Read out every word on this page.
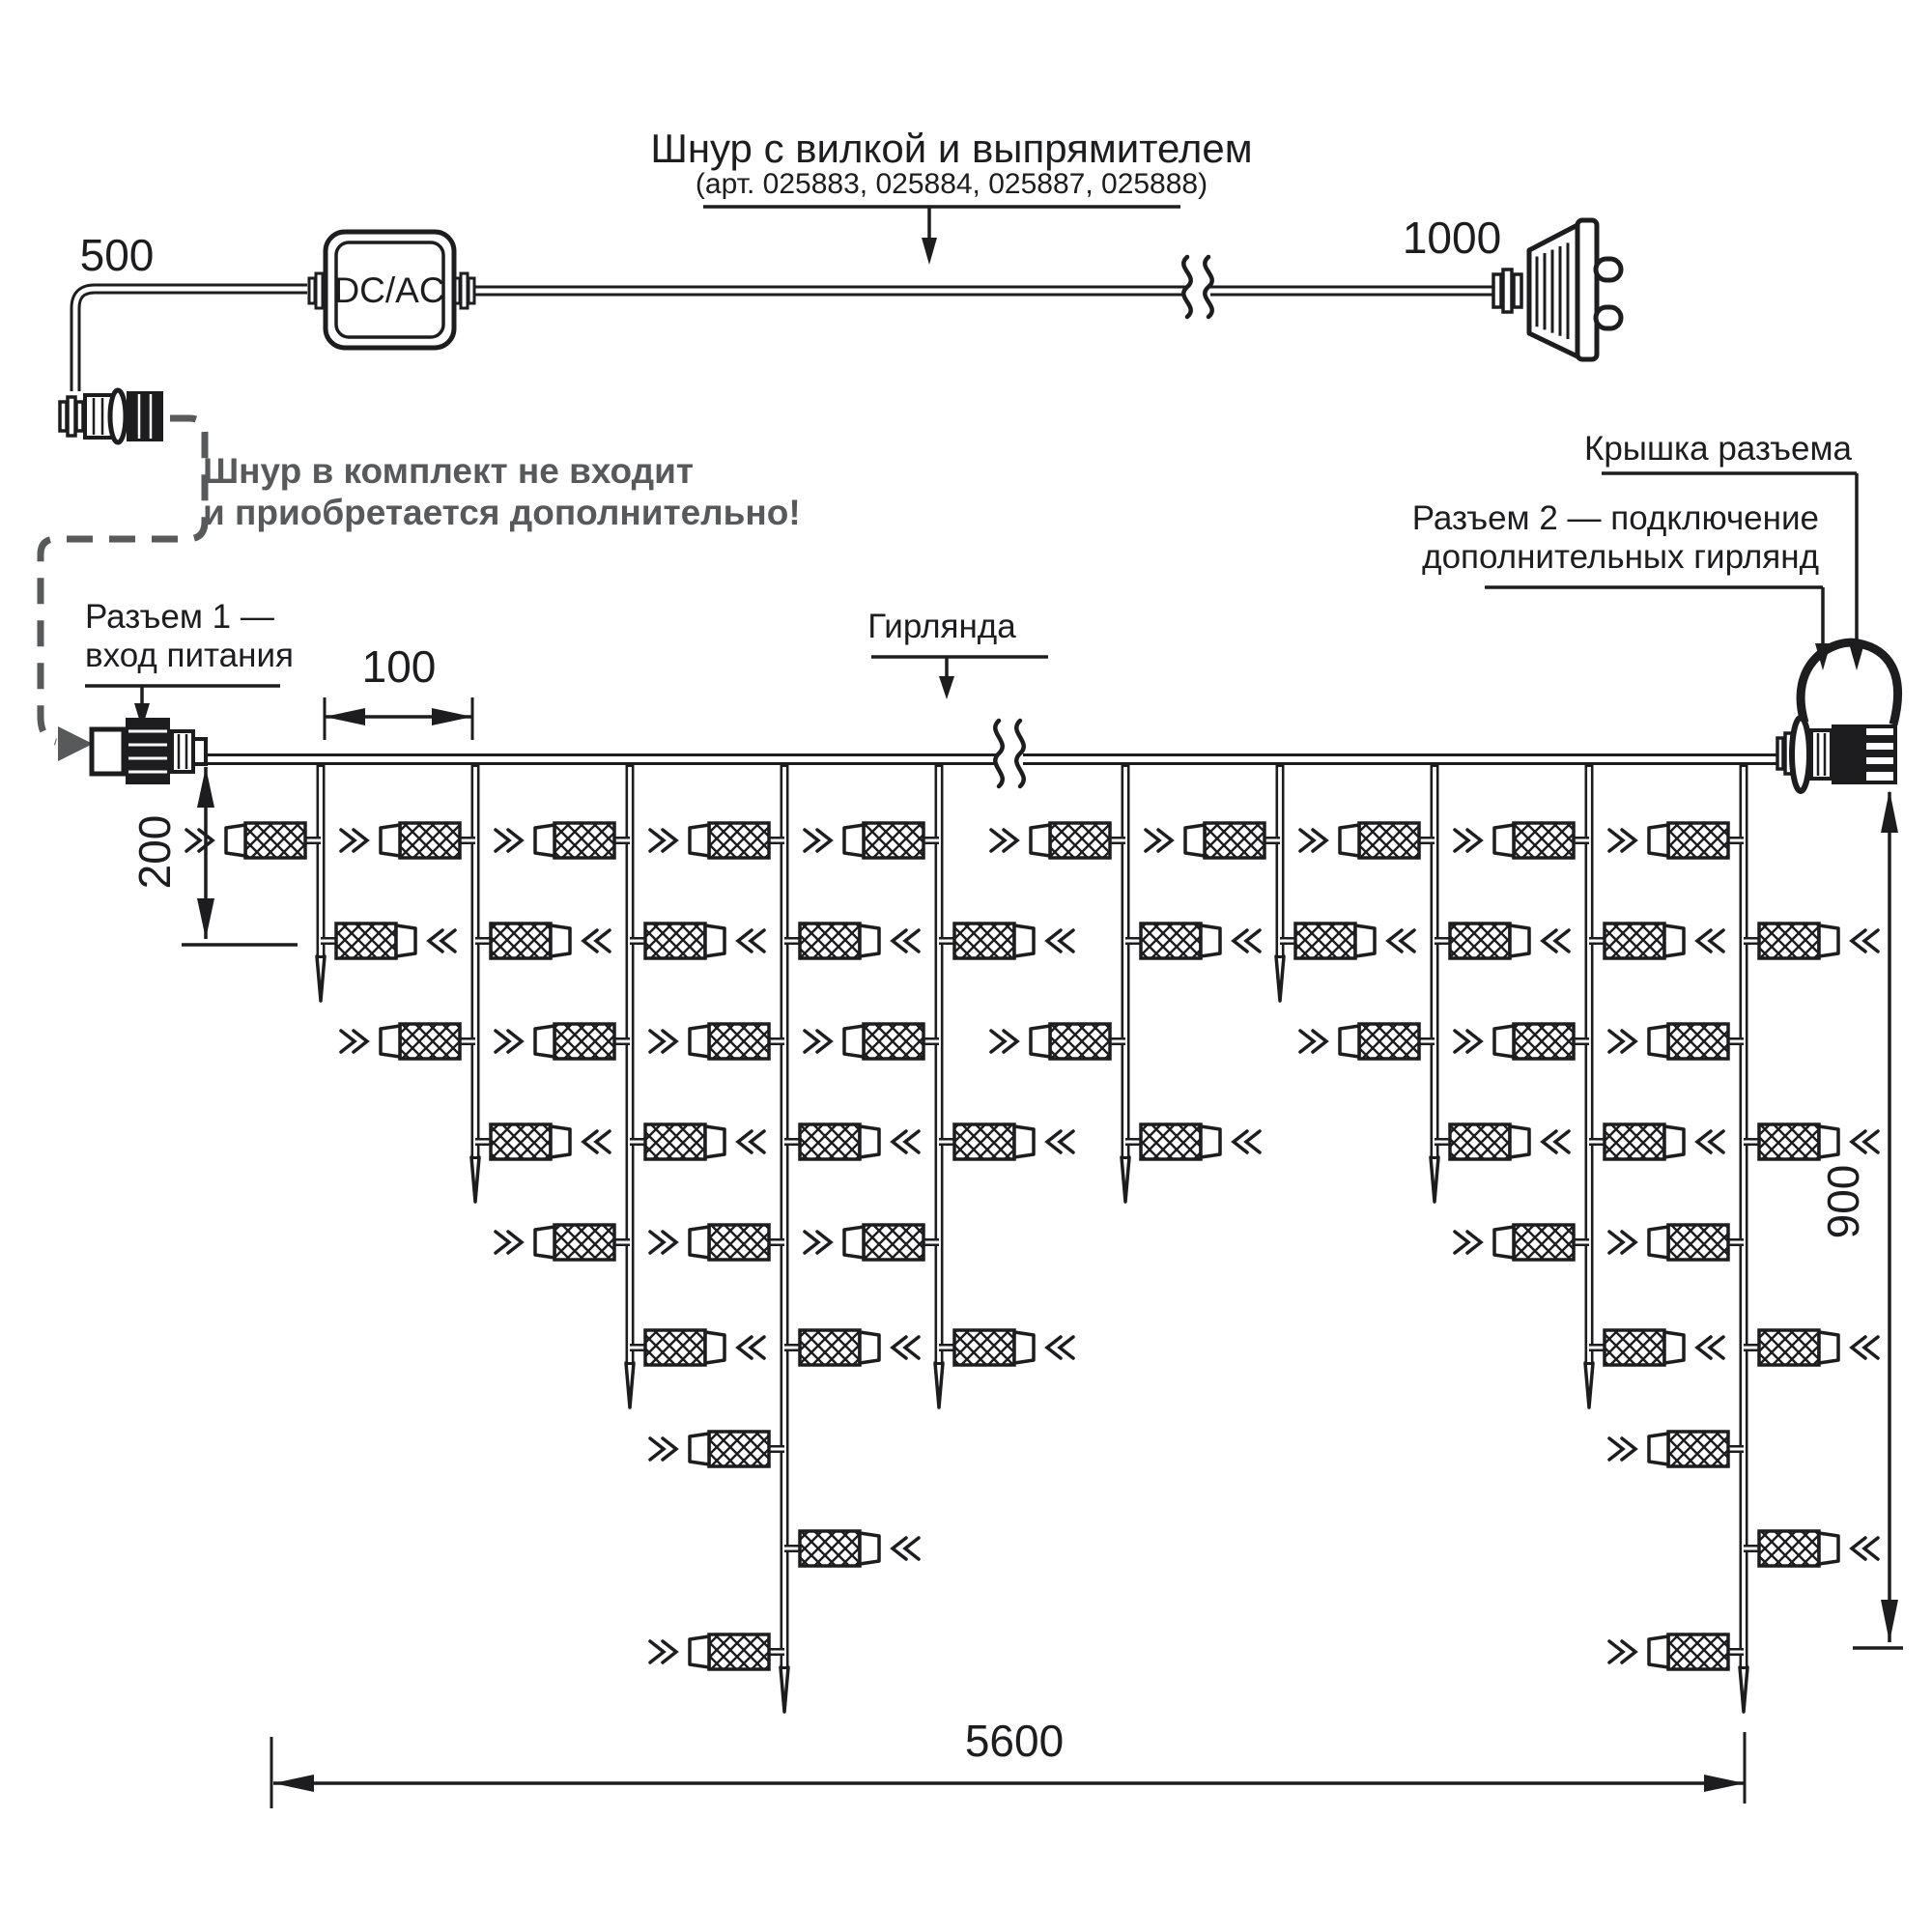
DC/AC
500	1000
Шнур с вилкой и выпрямителем
(арт. 025883, 025884, 025887, 025888)
Шнур в комплект не входит
и приобретается дополнительно!
Разъем 1 —
вход питания
Гирлянда
Крышка разъема
Разъем 2 — подключение
дополнительных гирлянд
100
200
900
5600
